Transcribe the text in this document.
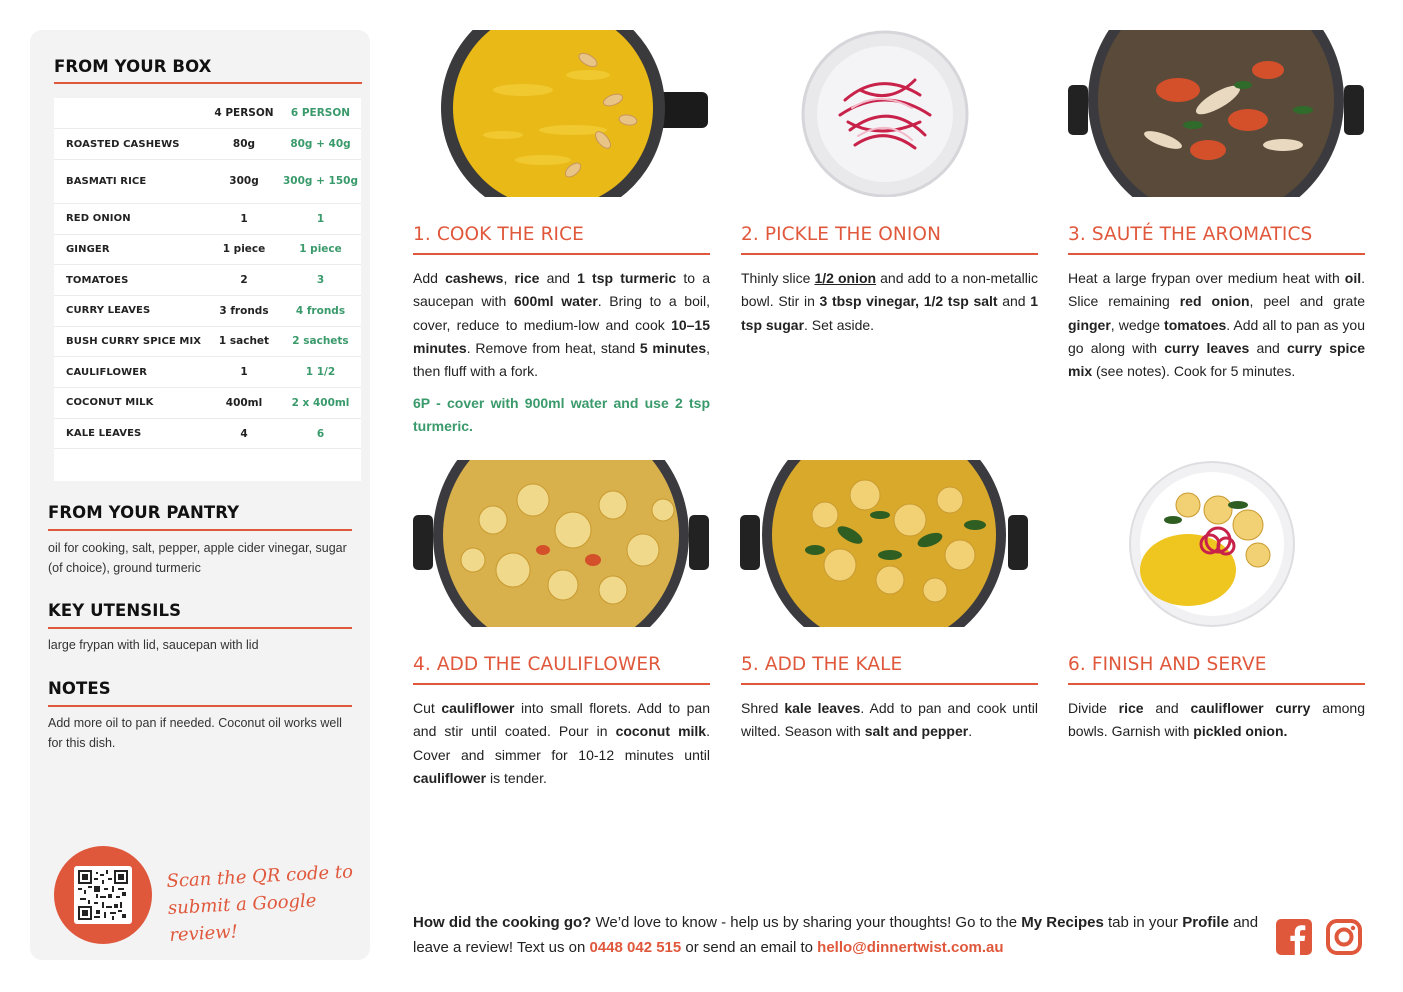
FROM YOUR BOX
	4 PERSON	6 PERSON
ROASTED CASHEWS	80g	80g + 40g
BASMATI RICE	300g	300g + 150g
RED ONION	1	1
GINGER	1 piece	1 piece
TOMATOES	2	3
CURRY LEAVES	3 fronds	4 fronds
BUSH CURRY SPICE MIX	1 sachet	2 sachets
CAULIFLOWER	1	1 1/2
COCONUT MILK	400ml	2 x 400ml
KALE LEAVES	4	6

FROM YOUR PANTRY
oil for cooking, salt, pepper, apple cider vinegar, sugar (of choice), ground turmeric
KEY UTENSILS
large frypan with lid, saucepan with lid
NOTES
Add more oil to pan if needed. Coconut oil works well for this dish.
Scan the QR code to
submit a Google review!
1. COOK THE RICE
Add cashews, rice and 1 tsp turmeric to a saucepan with 600ml water. Bring to a boil, cover, reduce to medium-low and cook 10–15 minutes. Remove from heat, stand 5 minutes, then fluff with a fork.
6P - cover with 900ml water and use 2 tsp turmeric.
2. PICKLE THE ONION
Thinly slice 1/2 onion and add to a non-metallic bowl. Stir in 3 tbsp vinegar, 1/2 tsp salt and 1 tsp sugar. Set aside.
3. SAUTÉ THE AROMATICS
Heat a large frypan over medium heat with oil. Slice remaining red onion, peel and grate ginger, wedge tomatoes. Add all to pan as you go along with curry leaves and curry spice mix (see notes). Cook for 5 minutes.
4. ADD THE CAULIFLOWER
Cut cauliflower into small florets. Add to pan and stir until coated. Pour in coconut milk. Cover and simmer for 10-12 minutes until cauliflower is tender.
5. ADD THE KALE
Shred kale leaves. Add to pan and cook until wilted. Season with salt and pepper.
6. FINISH AND SERVE
Divide rice and cauliflower curry among bowls. Garnish with pickled onion.
How did the cooking go? We’d love to know - help us by sharing your thoughts! Go to the My Recipes tab in your Profile and leave a review! Text us on 0448 042 515 or send an email to hello@dinnertwist.com.au
